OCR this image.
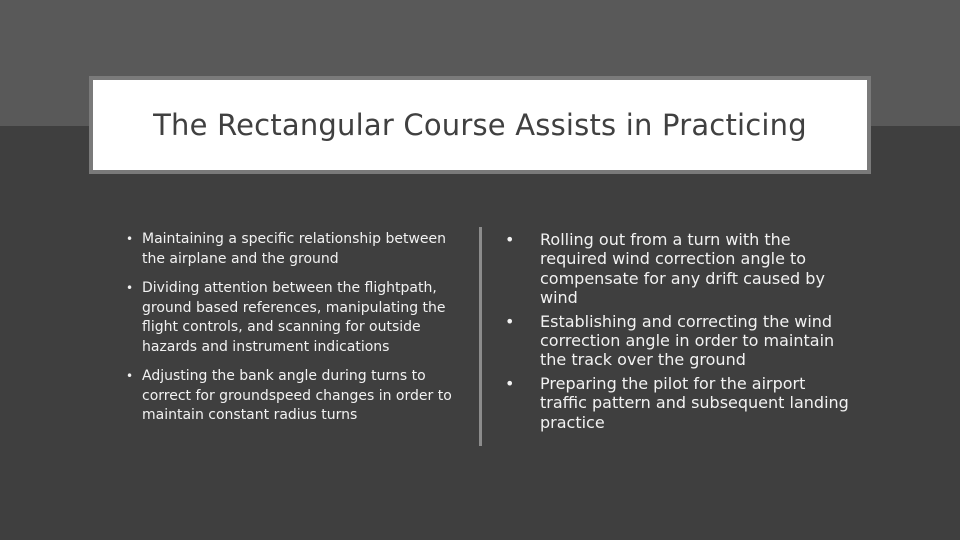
The Rectangular Course Assists in Practicing
• Maintaining a specific relationship between the airplane and the ground
• Dividing attention between the flightpath, ground based references, manipulating the flight controls, and scanning for outside hazards and instrument indications
• Adjusting the bank angle during turns to correct for groundspeed changes in order to maintain constant radius turns
• Rolling out from a turn with the required wind correction angle to compensate for any drift caused by wind
• Establishing and correcting the wind correction angle in order to maintain the track over the ground
• Preparing the pilot for the airport traffic pattern and subsequent landing practice
